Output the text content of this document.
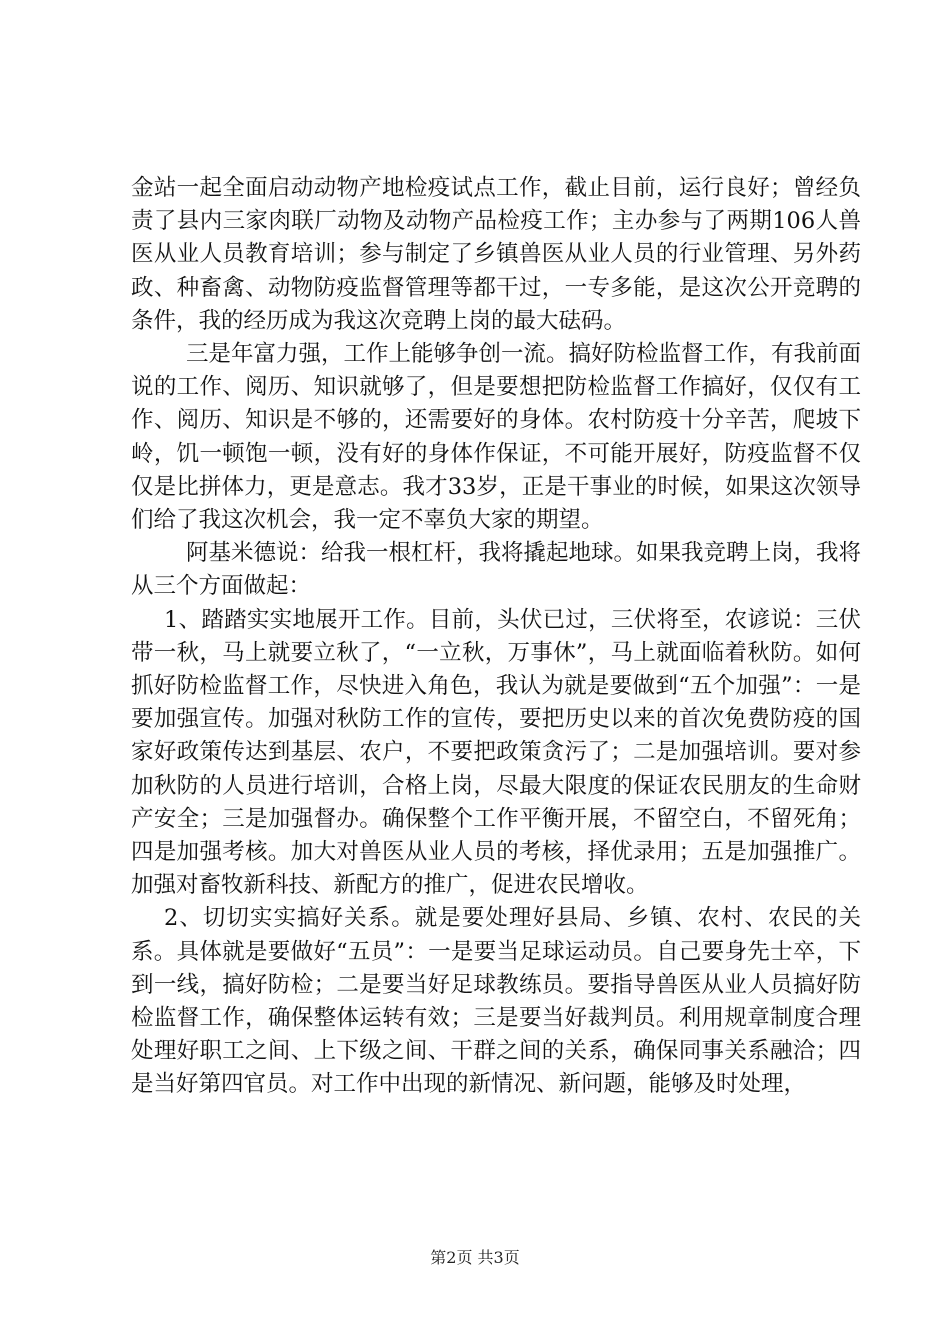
金站一起全面启动动物产地检疫试点工作，截止目前，运行良好；曾经负责了县内三家肉联厂动物及动物产品检疫工作；主办参与了两期106人兽医从业人员教育培训；参与制定了乡镇兽医从业人员的行业管理、另外药政、种畜禽、动物防疫监督管理等都干过，一专多能，是这次公开竞聘的条件，我的经历成为我这次竞聘上岗的最大砝码。

三是年富力强，工作上能够争创一流。搞好防检监督工作，有我前面说的工作、阅历、知识就够了，但是要想把防检监督工作搞好，仅仅有工作、阅历、知识是不够的，还需要好的身体。农村防疫十分辛苦，爬坡下岭，饥一顿饱一顿，没有好的身体作保证，不可能开展好，防疫监督不仅仅是比拼体力，更是意志。我才33岁，正是干事业的时候，如果这次领导们给了我这次机会，我一定不辜负大家的期望。

阿基米德说：给我一根杠杆，我将撬起地球。如果我竞聘上岗，我将从三个方面做起：

1、踏踏实实地展开工作。目前，头伏已过，三伏将至，农谚说：三伏带一秋，马上就要立秋了，“一立秋，万事休”，马上就面临着秋防。如何抓好防检监督工作，尽快进入角色，我认为就是要做到“五个加强”：一是要加强宣传。加强对秋防工作的宣传，要把历史以来的首次免费防疫的国家好政策传达到基层、农户，不要把政策贪污了；二是加强培训。要对参加秋防的人员进行培训，合格上岗，尽最大限度的保证农民朋友的生命财产安全；三是加强督办。确保整个工作平衡开展，不留空白，不留死角；四是加强考核。加大对兽医从业人员的考核，择优录用；五是加强推广。加强对畜牧新科技、新配方的推广，促进农民增收。

2、切切实实搞好关系。就是要处理好县局、乡镇、农村、农民的关系。具体就是要做好“五员”：一是要当足球运动员。自己要身先士卒，下到一线，搞好防检；二是要当好足球教练员。要指导兽医从业人员搞好防检监督工作，确保整体运转有效；三是要当好裁判员。利用规章制度合理处理好职工之间、上下级之间、干群之间的关系，确保同事关系融洽；四是当好第四官员。对工作中出现的新情况、新问题，能够及时处理，

第2页 共3页
